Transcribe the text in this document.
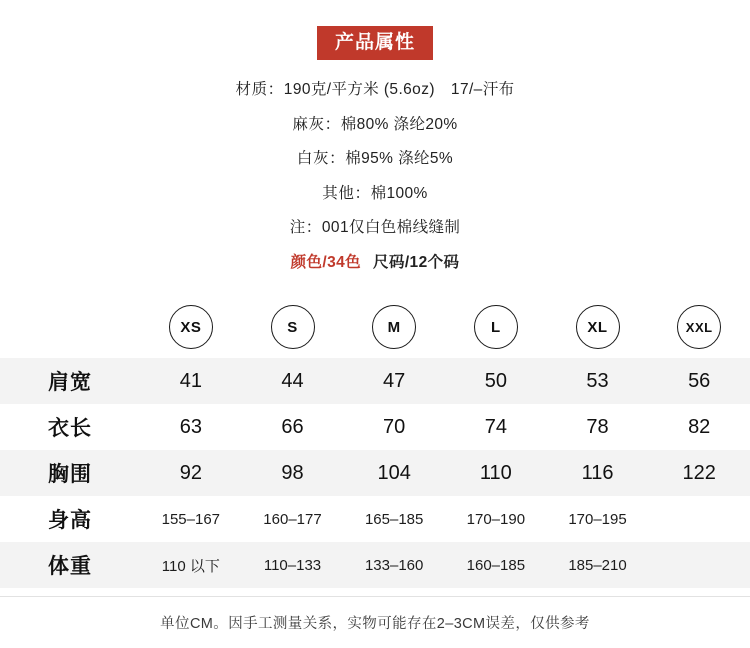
产品属性
材质：190克/平方米 (5.6oz) 17/–汗布
麻灰：棉80% 涤纶20%
白灰：棉95% 涤纶5%
其他：棉100%
注：001仅白色棉线缝制
颜色/34色 尺码/12个码
XS	S	M	L	XL	XXL
肩宽	41	44	47	50	53	56
衣长	63	66	70	74	78	82
胸围	92	98	104	110	116	122
身高	155–167	160–177	165–185	170–190	170–195
体重	110 以下	110–133	133–160	160–185	185–210
单位CM。因手工测量关系，实物可能存在2–3CM误差，仅供参考
